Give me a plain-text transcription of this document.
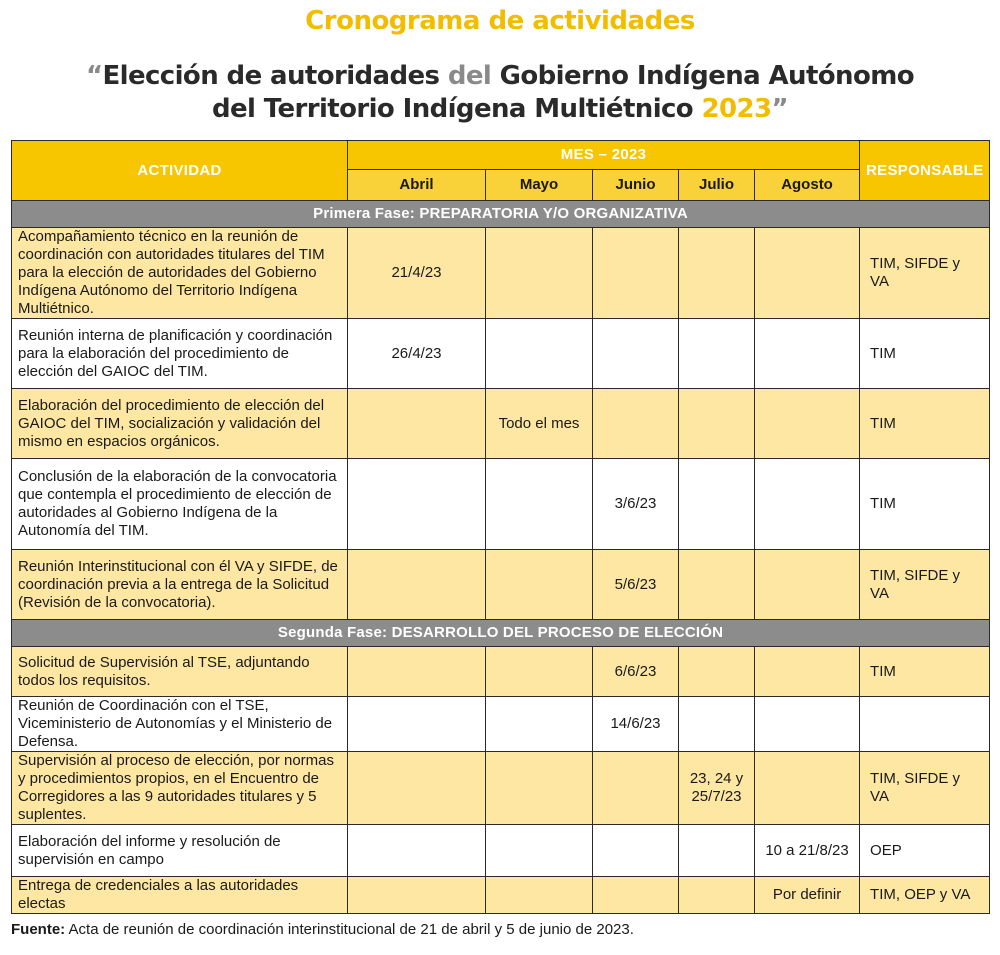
Cronograma de actividades
“Elección de autoridades del Gobierno Indígena Autónomo
del Territorio Indígena Multiétnico 2023”
ACTIVIDAD	MES – 2023					RESPONSABLE
	Abril	Mayo	Junio	Julio	Agosto	
Primera Fase: PREPARATORIA Y/O ORGANIZATIVA						
Acompañamiento técnico en la reunión de coordinación con autoridades titulares del TIM para la elección de autoridades del Gobierno Indígena Autónomo del Territorio Indígena Multiétnico.	21/4/23					TIM, SIFDE y VA
Reunión interna de planificación y coordinación para la elaboración del procedimiento de elección del GAIOC del TIM.	26/4/23					TIM
Elaboración del procedimiento de elección del GAIOC del TIM, socialización y validación del mismo en espacios orgánicos.		Todo el mes				TIM
Conclusión de la elaboración de la convocatoria que contempla el procedimiento de elección de autoridades al Gobierno Indígena de la Autonomía del TIM.			3/6/23			TIM
Reunión Interinstitucional con él VA y SIFDE, de coordinación previa a la entrega de la Solicitud (Revisión de la convocatoria).			5/6/23			TIM, SIFDE y VA
Segunda Fase: DESARROLLO DEL PROCESO DE ELECCIÓN						
Solicitud de Supervisión al TSE, adjuntando todos los requisitos.			6/6/23			TIM
Reunión de Coordinación con el TSE, Viceministerio de Autonomías y el Ministerio de Defensa.			14/6/23			
Supervisión al proceso de elección, por normas y procedimientos propios, en el Encuentro de Corregidores a las 9 autoridades titulares y 5 suplentes.				23, 24 y 25/7/23		TIM, SIFDE y VA
Elaboración del informe y resolución de supervisión en campo					10 a 21/8/23	OEP
Entrega de credenciales a las autoridades electas					Por definir	TIM, OEP y VA
Fuente: Acta de reunión de coordinación interinstitucional de 21 de abril y 5 de junio de 2023.
